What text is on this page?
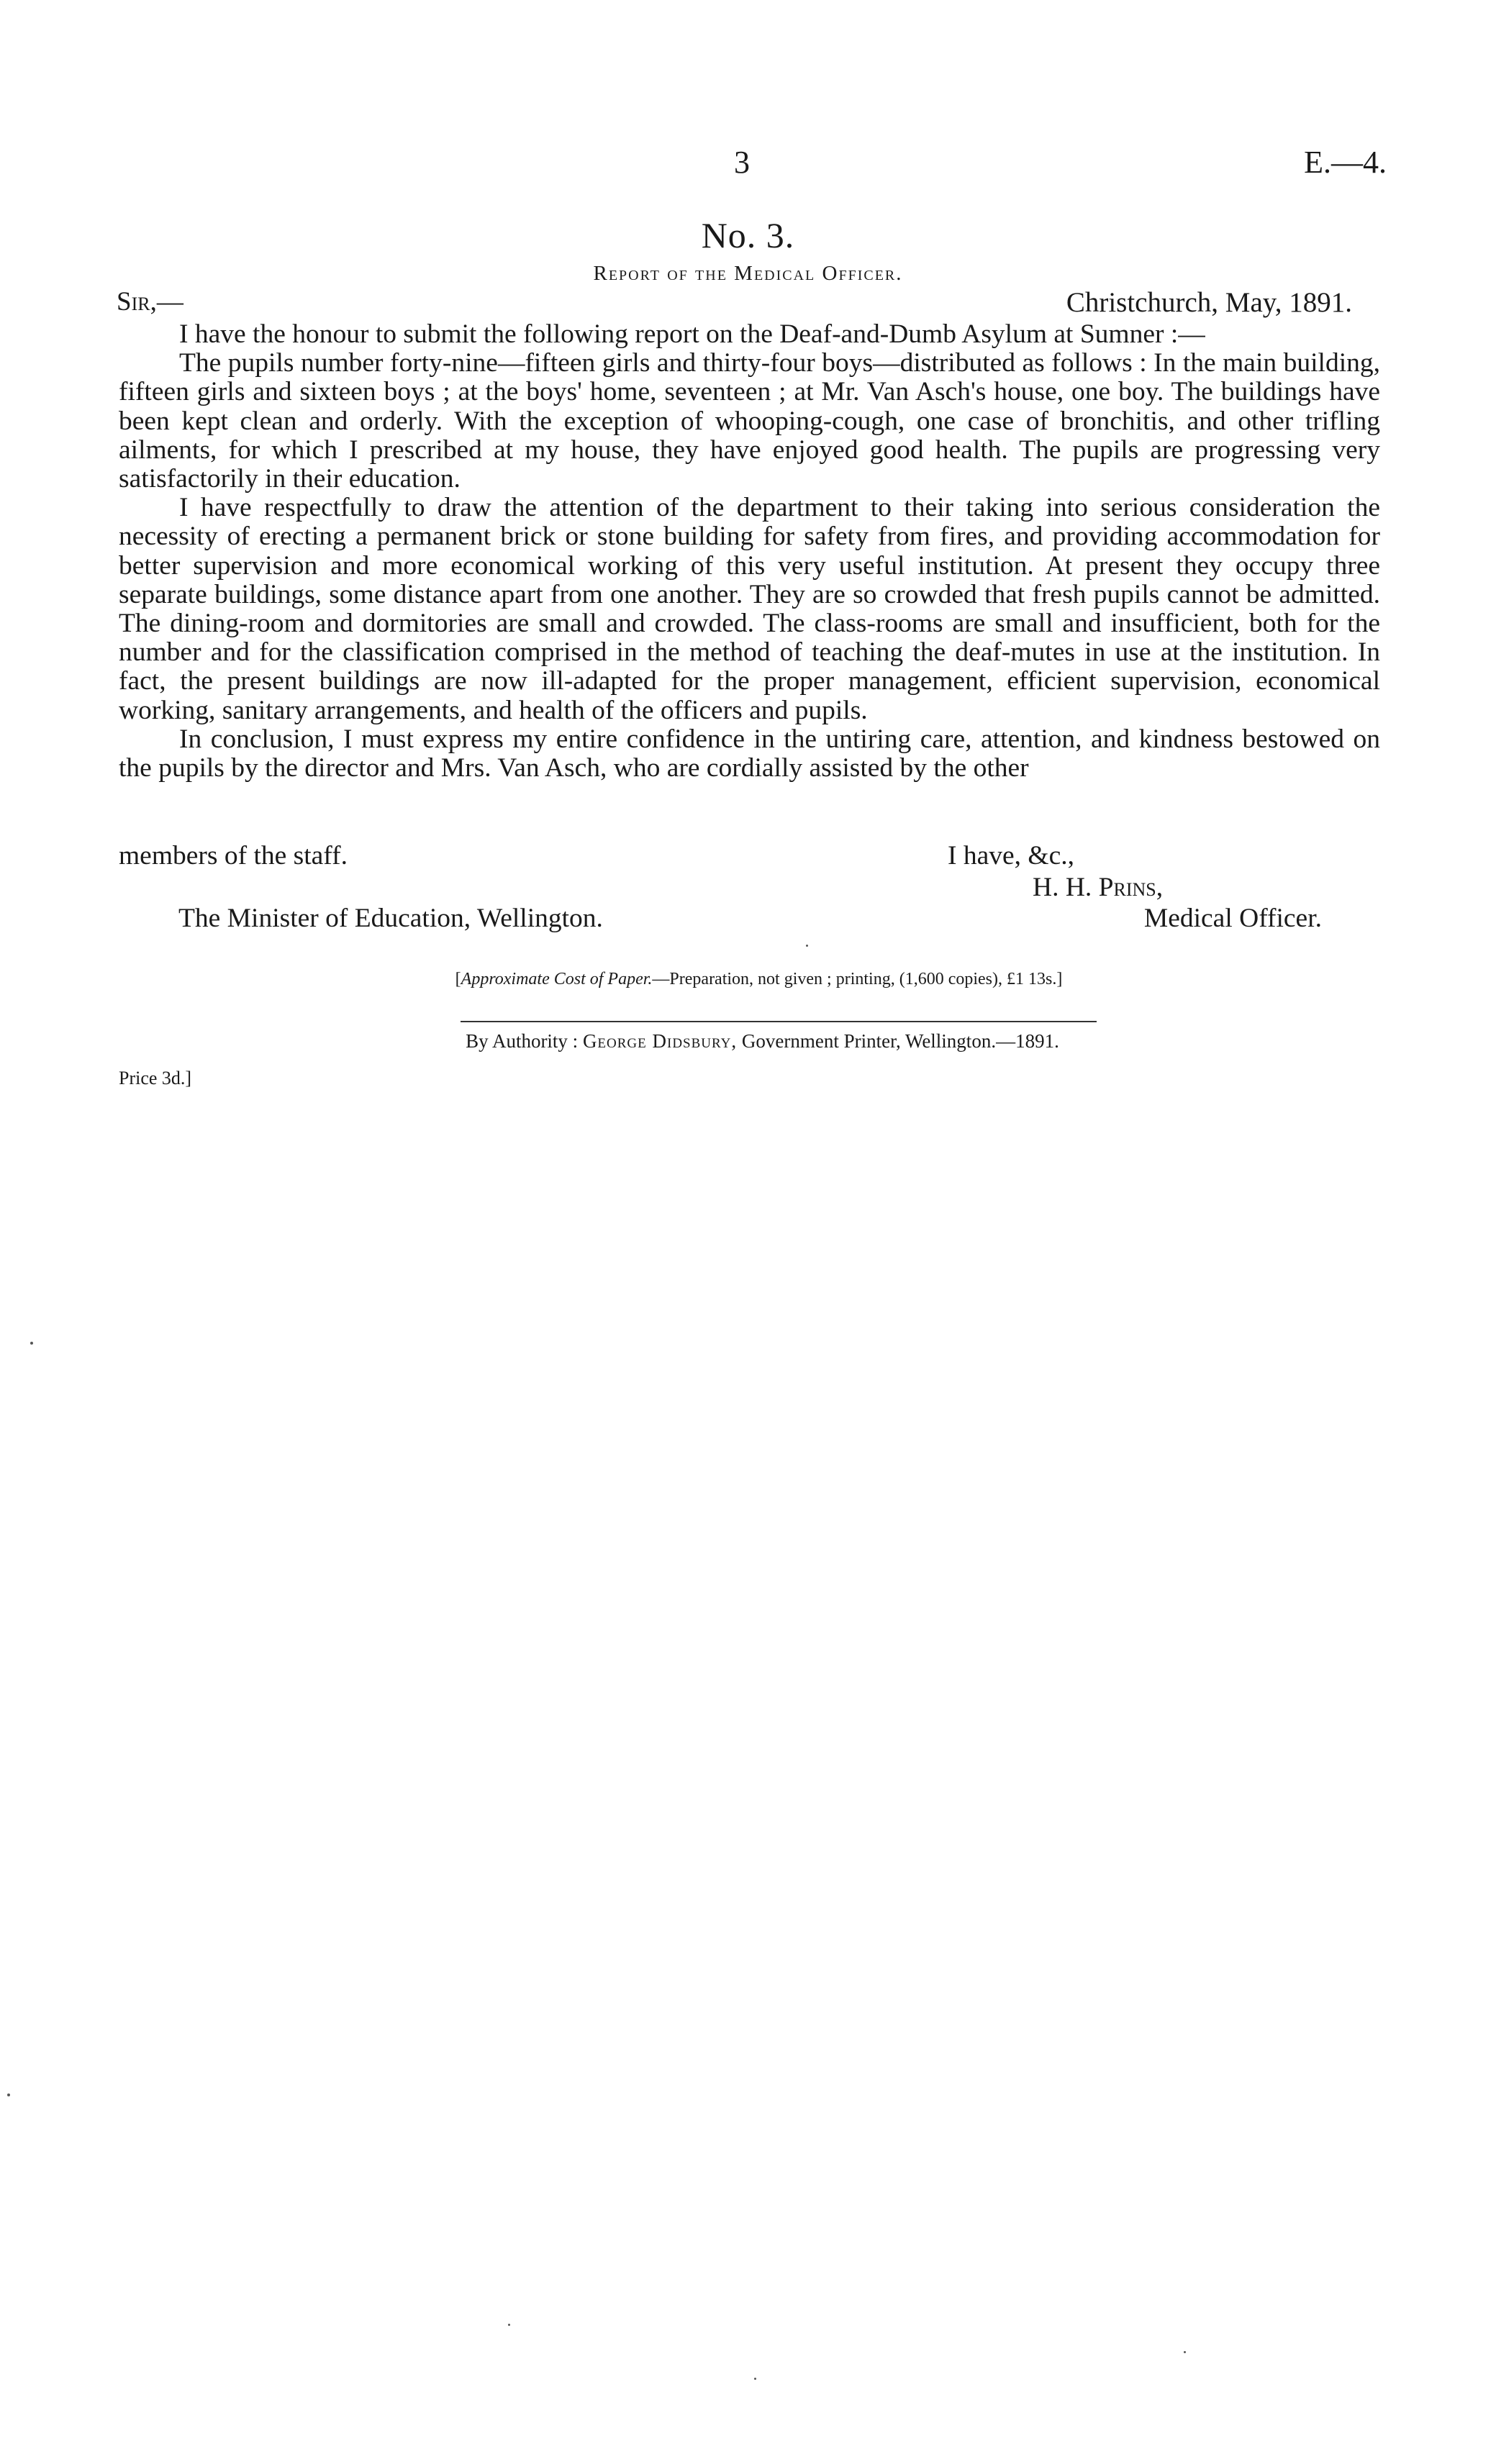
3	E.—4.
No. 3.
Report of the Medical Officer.
Sir,—	Christchurch, May, 1891.

I have the honour to submit the following report on the Deaf-and-Dumb Asylum at Sumner :—

The pupils number forty-nine—fifteen girls and thirty-four boys—distributed as follows : In the main building, fifteen girls and sixteen boys ; at the boys' home, seventeen ; at Mr. Van Asch's house, one boy. The buildings have been kept clean and orderly. With the exception of whooping-cough, one case of bronchitis, and other trifling ailments, for which I prescribed at my house, they have enjoyed good health. The pupils are progressing very satisfactorily in their education.

I have respectfully to draw the attention of the department to their taking into serious consideration the necessity of erecting a permanent brick or stone building for safety from fires, and providing accommodation for better supervision and more economical working of this very useful institution. At present they occupy three separate buildings, some distance apart from one another. They are so crowded that fresh pupils cannot be admitted. The dining-room and dormitories are small and crowded. The class-rooms are small and insufficient, both for the number and for the classification comprised in the method of teaching the deaf-mutes in use at the institution. In fact, the present buildings are now ill-adapted for the proper management, efficient supervision, economical working, sanitary arrangements, and health of the officers and pupils.

In conclusion, I must express my entire confidence in the untiring care, attention, and kindness bestowed on the pupils by the director and Mrs. Van Asch, who are cordially assisted by the other

members of the staff.	I have, &c.,
H. H. Prins,
The Minister of Education, Wellington.	Medical Officer.
[Approximate Cost of Paper.—Preparation, not given ; printing, (1,600 copies), £1 13s.]
By Authority : George Didsbury, Government Printer, Wellington.—1891.
Price 3d.]
